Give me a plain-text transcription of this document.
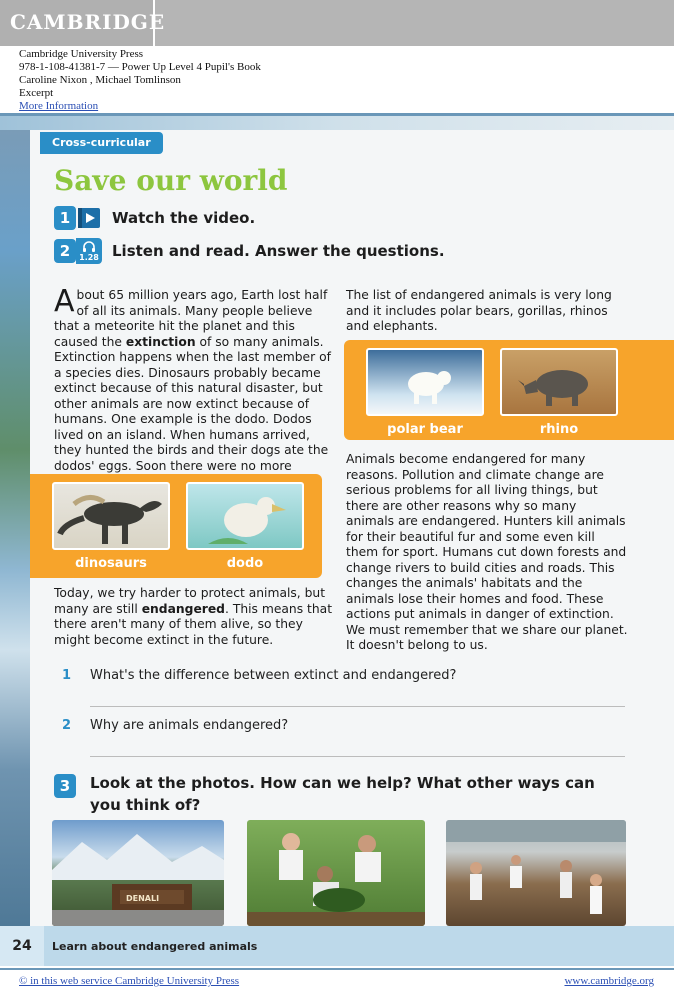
CAMBRIDGE
Cambridge University Press
978-1-108-41381-7 — Power Up Level 4 Pupil's Book
Caroline Nixon , Michael Tomlinson
Excerpt
More Information
Cross-curricular
Save our world
1	Watch the video.
2	1.28 Listen and read. Answer the questions.
About 65 million years ago, Earth lost half of all its animals. Many people believe that a meteorite hit the planet and this caused the extinction of so many animals. Extinction happens when the last member of a species dies. Dinosaurs probably became extinct because of this natural disaster, but other animals are now extinct because of humans. One example is the dodo. Dodos lived on an island. When humans arrived, they hunted the birds and their dogs ate the dodos' eggs. Soon there were no more
dinosaurs	dodo
Today, we try harder to protect animals, but many are still endangered. This means that there aren't many of them alive, so they might become extinct in the future.
The list of endangered animals is very long and it includes polar bears, gorillas, rhinos and elephants.
polar bear	rhino
Animals become endangered for many reasons. Pollution and climate change are serious problems for all living things, but there are other reasons why so many animals are endangered. Hunters kill animals for their beautiful fur and some even kill them for sport. Humans cut down forests and change rivers to build cities and roads. This changes the animals' habitats and the animals lose their homes and food. These actions put animals in danger of extinction. We must remember that we share our planet. It doesn't belong to us.
1 What's the difference between extinct and endangered?
2 Why are animals endangered?
3	Look at the photos. How can we help? What other ways can you think of?
DENALI
24	Learn about endangered animals
© in this web service Cambridge University Press	www.cambridge.org
